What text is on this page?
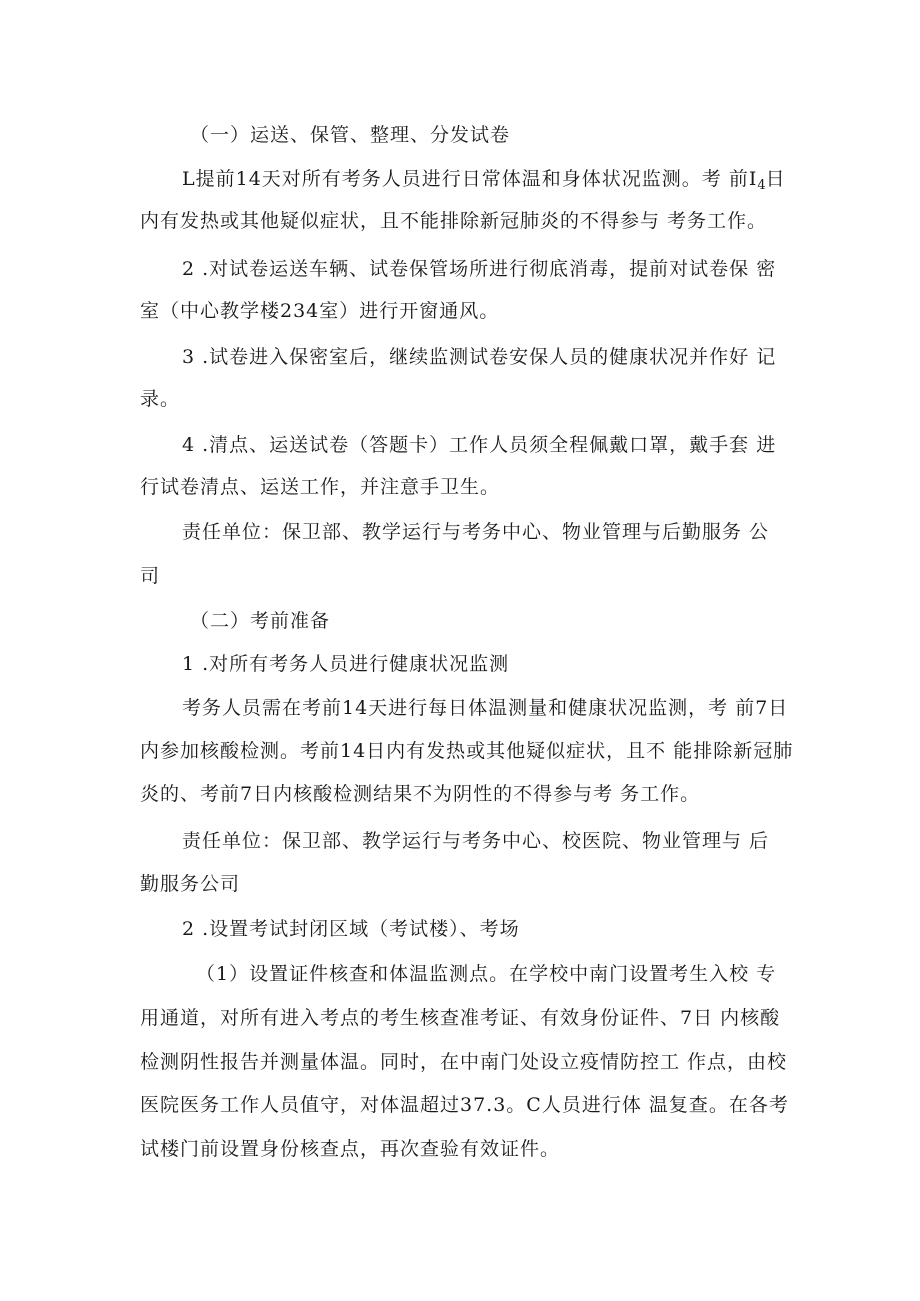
（一）运送、保管、整理、分发试卷
L提前14天对所有考务人员进行日常体温和身体状况监测。考 前$I_4$日
内有发热或其他疑似症状，且不能排除新冠肺炎的不得参与 考务工作。
2 .对试卷运送车辆、试卷保管场所进行彻底消毒，提前对试卷保 密
室（中心教学楼234室）进行开窗通风。
3 .试卷进入保密室后，继续监测试卷安保人员的健康状况并作好 记
录。
4 .清点、运送试卷（答题卡）工作人员须全程佩戴口罩，戴手套 进
行试卷清点、运送工作，并注意手卫生。
责任单位：保卫部、教学运行与考务中心、物业管理与后勤服务 公
司
（二）考前准备
1 .对所有考务人员进行健康状况监测
考务人员需在考前14天进行每日体温测量和健康状况监测，考 前7日
内参加核酸检测。考前14日内有发热或其他疑似症状，且不 能排除新冠肺
炎的、考前7日内核酸检测结果不为阴性的不得参与考 务工作。
责任单位：保卫部、教学运行与考务中心、校医院、物业管理与 后
勤服务公司
2 .设置考试封闭区域（考试楼）、考场
（1）设置证件核查和体温监测点。在学校中南门设置考生入校 专
用通道，对所有进入考点的考生核查准考证、有效身份证件、7日 内核酸
检测阴性报告并测量体温。同时，在中南门处设立疫情防控工 作点，由校
医院医务工作人员值守，对体温超过37.3。C人员进行体 温复查。在各考
试楼门前设置身份核查点，再次查验有效证件。
